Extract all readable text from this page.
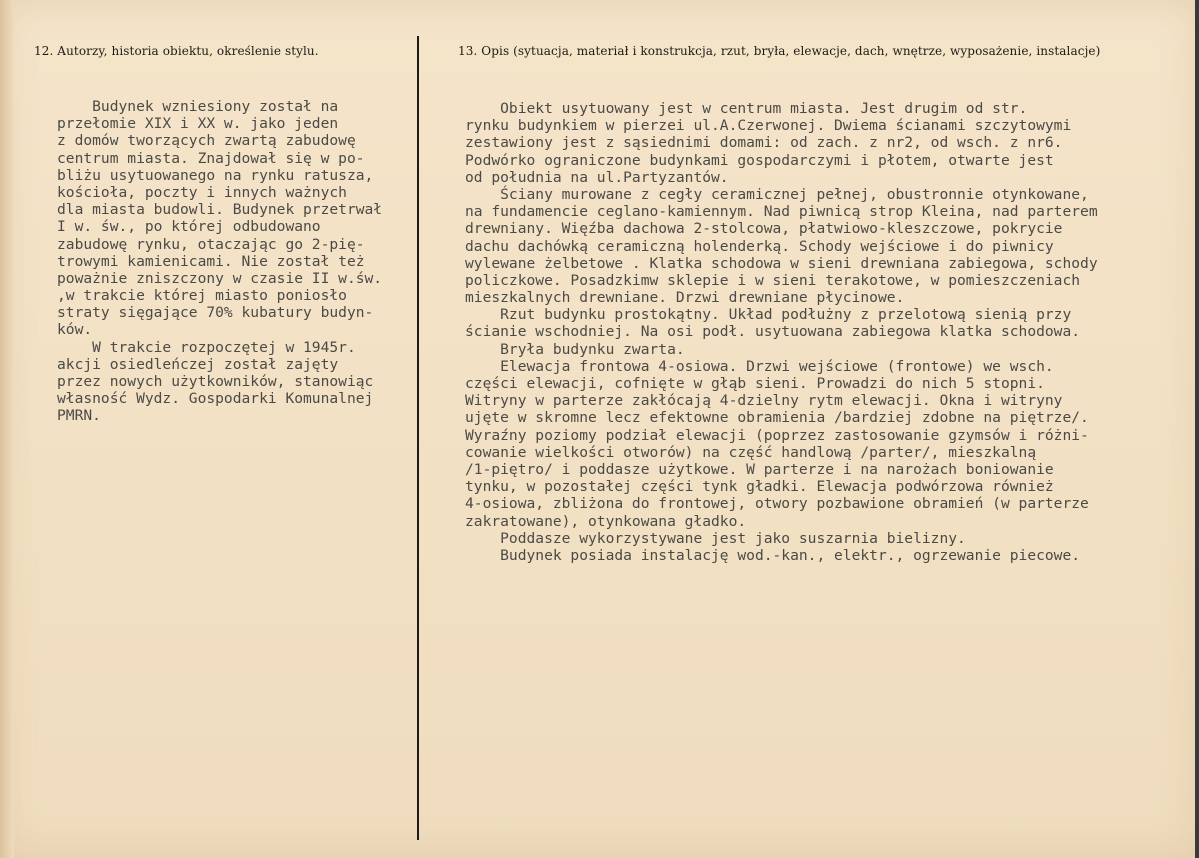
12. Autorzy, historia obiektu, określenie stylu.	13. Opis (sytuacja, materiał i konstrukcja, rzut, bryła, elewacje, dach, wnętrze, wyposażenie, instalacje)
Budynek wzniesiony został na
przełomie XIX i XX w. jako jeden
z domów tworzących zwartą zabudowę
centrum miasta. Znajdował się w po-
bliżu usytuowanego na rynku ratusza,
kościoła, poczty i innych ważnych
dla miasta budowli. Budynek przetrwał
I w. św., po której odbudowano
zabudowę rynku, otaczając go 2-pię-
trowymi kamienicami. Nie został też
poważnie zniszczony w czasie II w.św.
,w trakcie której miasto poniosło
straty sięgające 70% kubatury budyn-
ków.
W trakcie rozpoczętej w 1945r.
akcji osiedleńczej został zajęty
przez nowych użytkowników, stanowiąc
własność Wydz. Gospodarki Komunalnej
PMRN.
Obiekt usytuowany jest w centrum miasta. Jest drugim od str.
rynku budynkiem w pierzei ul.A.Czerwonej. Dwiema ścianami szczytowymi
zestawiony jest z sąsiednimi domami: od zach. z nr2, od wsch. z nr6.
Podwórko ograniczone budynkami gospodarczymi i płotem, otwarte jest
od południa na ul.Partyzantów.
Ściany murowane z cegły ceramicznej pełnej, obustronnie otynkowane,
na fundamencie ceglano-kamiennym. Nad piwnicą strop Kleina, nad parterem
drewniany. Więźba dachowa 2-stolcowa, płatwiowo-kleszczowe, pokrycie
dachu dachówką ceramiczną holenderką. Schody wejściowe i do piwnicy
wylewane żelbetowe . Klatka schodowa w sieni drewniana zabiegowa, schody
policzkowe. Posadzkimw sklepie i w sieni terakotowe, w pomieszczeniach
mieszkalnych drewniane. Drzwi drewniane płycinowe.
Rzut budynku prostokątny. Układ podłużny z przelotową sienią przy
ścianie wschodniej. Na osi podł. usytuowana zabiegowa klatka schodowa.
Bryła budynku zwarta.
Elewacja frontowa 4-osiowa. Drzwi wejściowe (frontowe) we wsch.
części elewacji, cofnięte w głąb sieni. Prowadzi do nich 5 stopni.
Witryny w parterze zakłócają 4-dzielny rytm elewacji. Okna i witryny
ujęte w skromne lecz efektowne obramienia /bardziej zdobne na piętrze/.
Wyraźny poziomy podział elewacji (poprzez zastosowanie gzymsów i różni-
cowanie wielkości otworów) na część handlową /parter/, mieszkalną
/1-piętro/ i poddasze użytkowe. W parterze i na narożach boniowanie
tynku, w pozostałej części tynk gładki. Elewacja podwórzowa również
4-osiowa, zbliżona do frontowej, otwory pozbawione obramień (w parterze
zakratowane), otynkowana gładko.
Poddasze wykorzystywane jest jako suszarnia bielizny.
Budynek posiada instalację wod.-kan., elektr., ogrzewanie piecowe.
